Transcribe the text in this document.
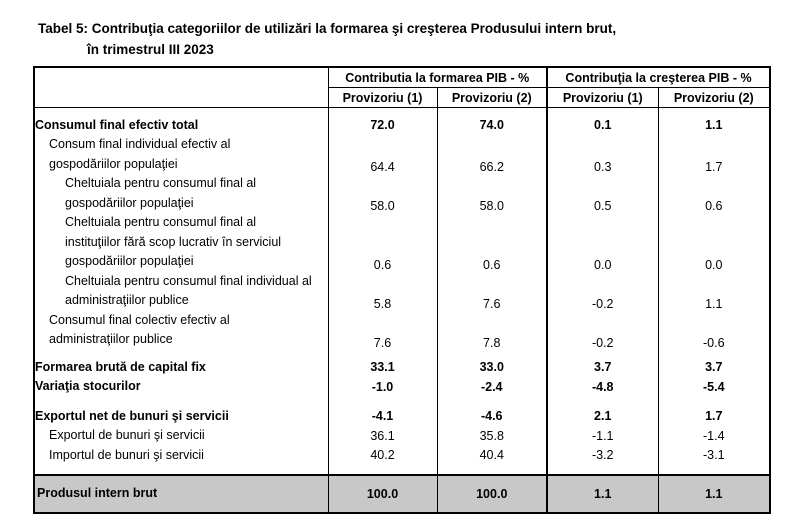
Tabel 5: Contribuţia categoriilor de utilizări la formarea şi creşterea Produsului intern brut,
în trimestrul III 2023
	Contributia la formarea PIB - %		Contribuţia la creşterea PIB - %	
	Provizoriu (1)	Provizoriu (2)	Provizoriu (1)	Provizoriu (2)

Consumul final efectiv total	72.0	74.0	0.1	1.1
Consum final individual efectiv al gospodăriilor populaţiei	64.4	66.2	0.3	1.7
Cheltuiala pentru consumul final al gospodăriilor populaţiei	58.0	58.0	0.5	0.6
Cheltuiala pentru consumul final al instituţiilor fără scop lucrativ în serviciul gospodăriilor populaţiei	0.6	0.6	0.0	0.0
Cheltuiala pentru consumul final individual al administraţiilor publice	5.8	7.6	-0.2	1.1
Consumul final colectiv efectiv al administraţiilor publice	7.6	7.8	-0.2	-0.6

Formarea brută de capital fix	33.1	33.0	3.7	3.7
Variaţia stocurilor	-1.0	-2.4	-4.8	-5.4

Exportul net de bunuri şi servicii	-4.1	-4.6	2.1	1.7
Exportul de bunuri şi servicii	36.1	35.8	-1.1	-1.4
Importul de bunuri şi servicii	40.2	40.4	-3.2	-3.1

Produsul intern brut	100.0	100.0	1.1	1.1
